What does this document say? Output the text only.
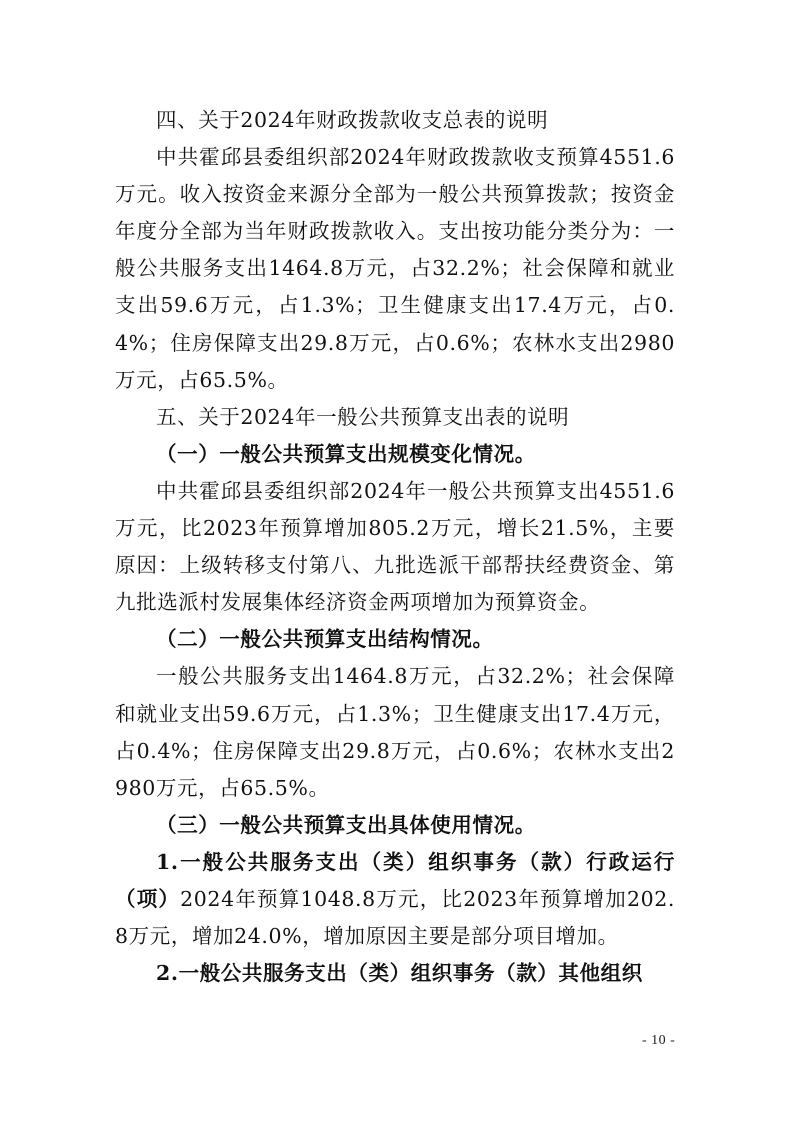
四、关于2024年财政拨款收支总表的说明

中共霍邱县委组织部2024年财政拨款收支预算4551.6万元。收入按资金来源分全部为一般公共预算拨款；按资金年度分全部为当年财政拨款收入。支出按功能分类分为：一般公共服务支出1464.8万元，占32.2%；社会保障和就业支出59.6万元，占1.3%；卫生健康支出17.4万元，占0.4%；住房保障支出29.8万元，占0.6%；农林水支出2980万元，占65.5%。

五、关于2024年一般公共预算支出表的说明

（一）一般公共预算支出规模变化情况。

中共霍邱县委组织部2024年一般公共预算支出4551.6万元，比2023年预算增加805.2万元，增长21.5%，主要原因：上级转移支付第八、九批选派干部帮扶经费资金、第九批选派村发展集体经济资金两项增加为预算资金。

（二）一般公共预算支出结构情况。

一般公共服务支出1464.8万元，占32.2%；社会保障和就业支出59.6万元，占1.3%；卫生健康支出17.4万元，占0.4%；住房保障支出29.8万元，占0.6%；农林水支出2980万元，占65.5%。

（三）一般公共预算支出具体使用情况。

1.一般公共服务支出（类）组织事务（款）行政运行（项）2024年预算1048.8万元，比2023年预算增加202.8万元，增加24.0%，增加原因主要是部分项目增加。

2.一般公共服务支出（类）组织事务（款）其他组织

- 10 -
